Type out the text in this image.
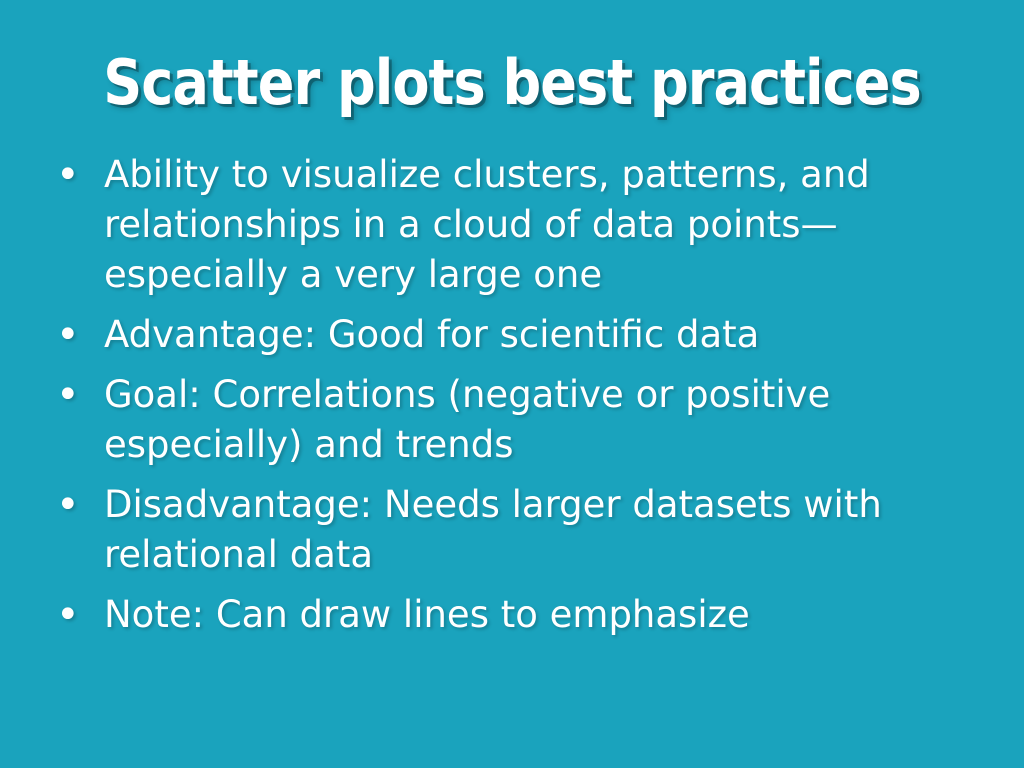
Scatter plots best practices
• Ability to visualize clusters, patterns, and relationships in a cloud of data points—especially a very large one
• Advantage: Good for scientific data
• Goal: Correlations (negative or positive especially) and trends
• Disadvantage: Needs larger datasets with relational data
• Note: Can draw lines to emphasize
